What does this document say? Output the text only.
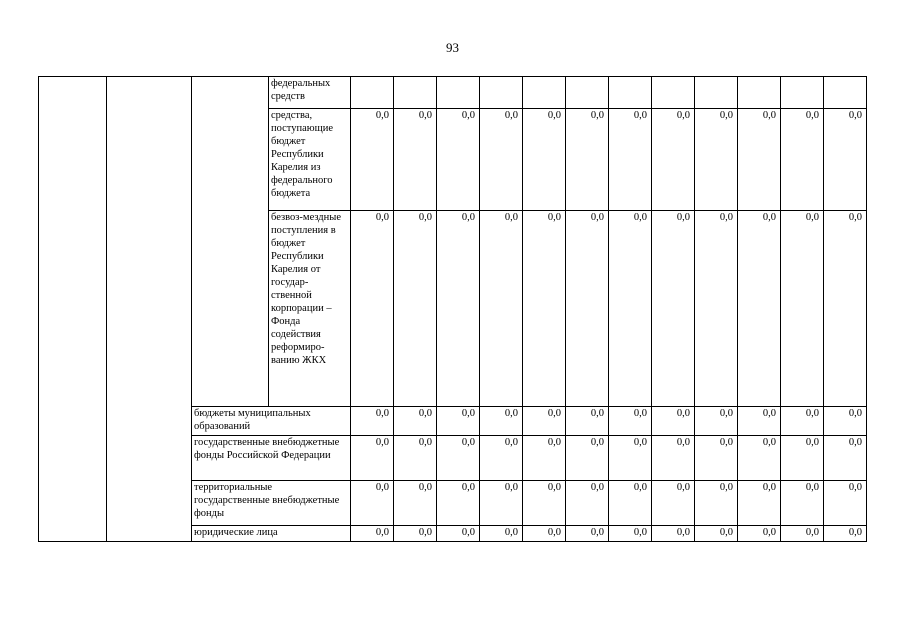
93
			федеральных средств												
			средства, поступающие бюджет Республики Карелия из федерального бюджета	0,0	0,0	0,0	0,0	0,0	0,0	0,0	0,0	0,0	0,0	0,0	0,0
			безвоз-мездные поступления в бюджет Республики Карелия от государ-ственной корпорации – Фонда содействия реформиро-ванию ЖКХ	0,0	0,0	0,0	0,0	0,0	0,0	0,0	0,0	0,0	0,0	0,0	0,0
		бюджеты муниципальных образований		0,0	0,0	0,0	0,0	0,0	0,0	0,0	0,0	0,0	0,0	0,0	0,0
		государственные внебюджетные фонды Российской Федерации		0,0	0,0	0,0	0,0	0,0	0,0	0,0	0,0	0,0	0,0	0,0	0,0
		территориальные государственные внебюджетные фонды		0,0	0,0	0,0	0,0	0,0	0,0	0,0	0,0	0,0	0,0	0,0	0,0
		юридические лица		0,0	0,0	0,0	0,0	0,0	0,0	0,0	0,0	0,0	0,0	0,0	0,0
